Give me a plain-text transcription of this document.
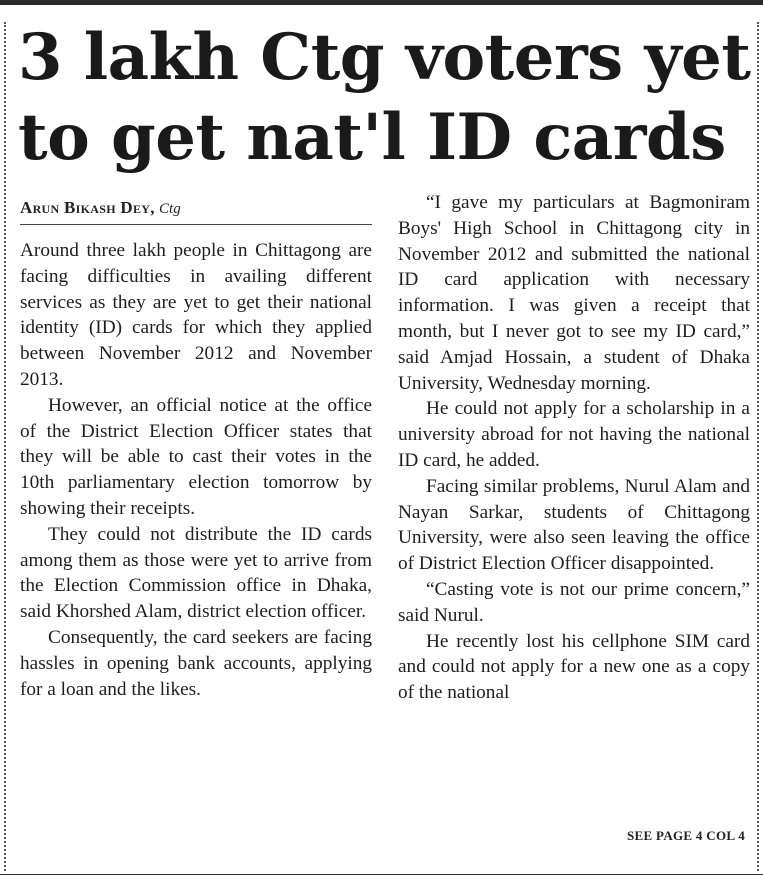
3 lakh Ctg voters yet to get nat'l ID cards
Arun Bikash Dey, Ctg

Around three lakh people in Chittagong are facing difficulties in availing different services as they are yet to get their national identity (ID) cards for which they applied between November 2012 and November 2013.

However, an official notice at the office of the District Election Officer states that they will be able to cast their votes in the 10th parliamentary election tomorrow by showing their receipts.

They could not distribute the ID cards among them as those were yet to arrive from the Election Commission office in Dhaka, said Khorshed Alam, district election officer.

Consequently, the card seekers are facing hassles in opening bank accounts, applying for a loan and the likes.

“I gave my particulars at Bagmoniram Boys' High School in Chittagong city in November 2012 and submitted the national ID card application with necessary information. I was given a receipt that month, but I never got to see my ID card,” said Amjad Hossain, a student of Dhaka University, Wednesday morning.

He could not apply for a scholarship in a university abroad for not having the national ID card, he added.

Facing similar problems, Nurul Alam and Nayan Sarkar, students of Chittagong University, were also seen leaving the office of District Election Officer disappointed.

“Casting vote is not our prime concern,” said Nurul.

He recently lost his cellphone SIM card and could not apply for a new one as a copy of the national

SEE PAGE 4 COL 4
